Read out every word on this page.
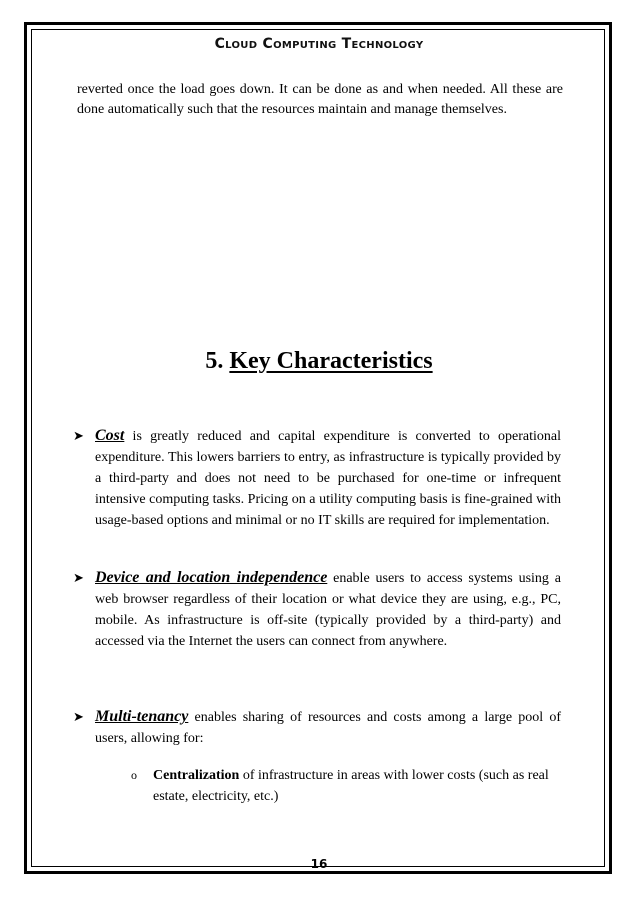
Cloud Computing Technology
reverted once the load goes down. It can be done as and when needed. All these are done automatically such that the resources maintain and manage themselves.
5. Key Characteristics
➤ Cost is greatly reduced and capital expenditure is converted to operational expenditure. This lowers barriers to entry, as infrastructure is typically provided by a third-party and does not need to be purchased for one-time or infrequent intensive computing tasks. Pricing on a utility computing basis is fine-grained with usage-based options and minimal or no IT skills are required for implementation.
➤ Device and location independence enable users to access systems using a web browser regardless of their location or what device they are using, e.g., PC, mobile. As infrastructure is off-site (typically provided by a third-party) and accessed via the Internet the users can connect from anywhere.
➤ Multi-tenancy enables sharing of resources and costs among a large pool of users, allowing for:
o Centralization of infrastructure in areas with lower costs (such as real estate, electricity, etc.)
16
